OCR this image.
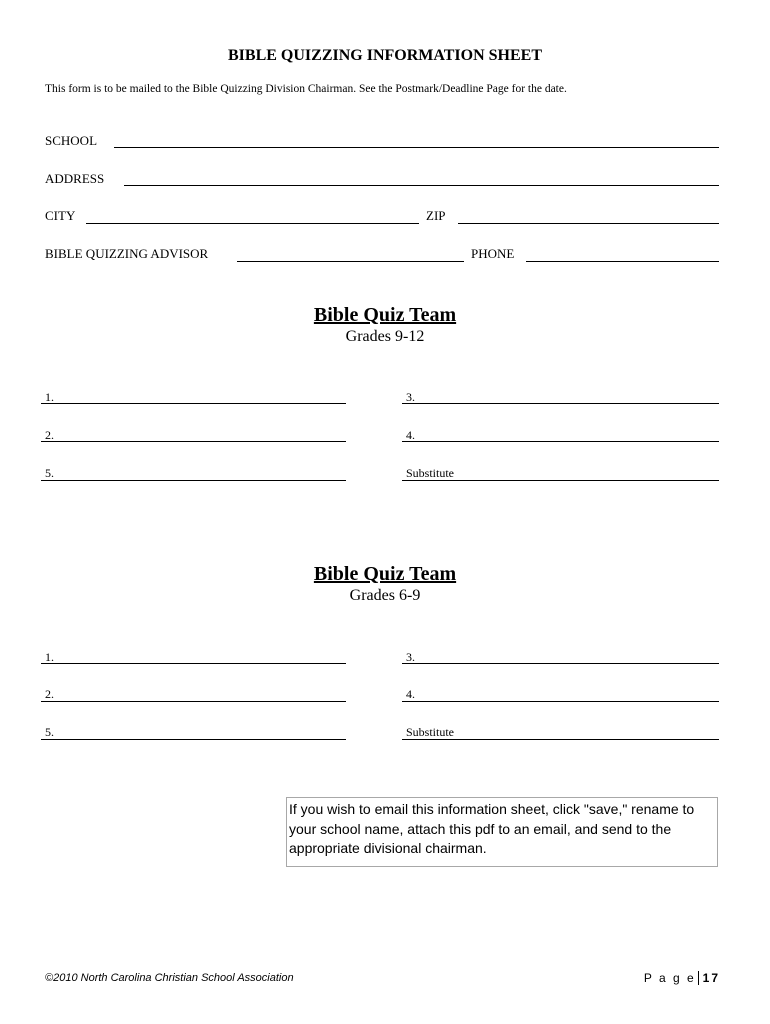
BIBLE QUIZZING INFORMATION SHEET
This form is to be mailed to the Bible Quizzing Division Chairman. See the Postmark/Deadline Page for the date.
SCHOOL
ADDRESS
CITY	ZIP
BIBLE QUIZZING ADVISOR	PHONE
Bible Quiz Team
Grades 9-12
1.	3.
2.	4.
5.	Substitute
Bible Quiz Team
Grades 6-9
1.	3.
2.	4.
5.	Substitute
If you wish to email this information sheet, click "save," rename to your school name, attach this pdf to an email, and send to the appropriate divisional chairman.
©2010 North Carolina Christian School Association	P a g e 17
